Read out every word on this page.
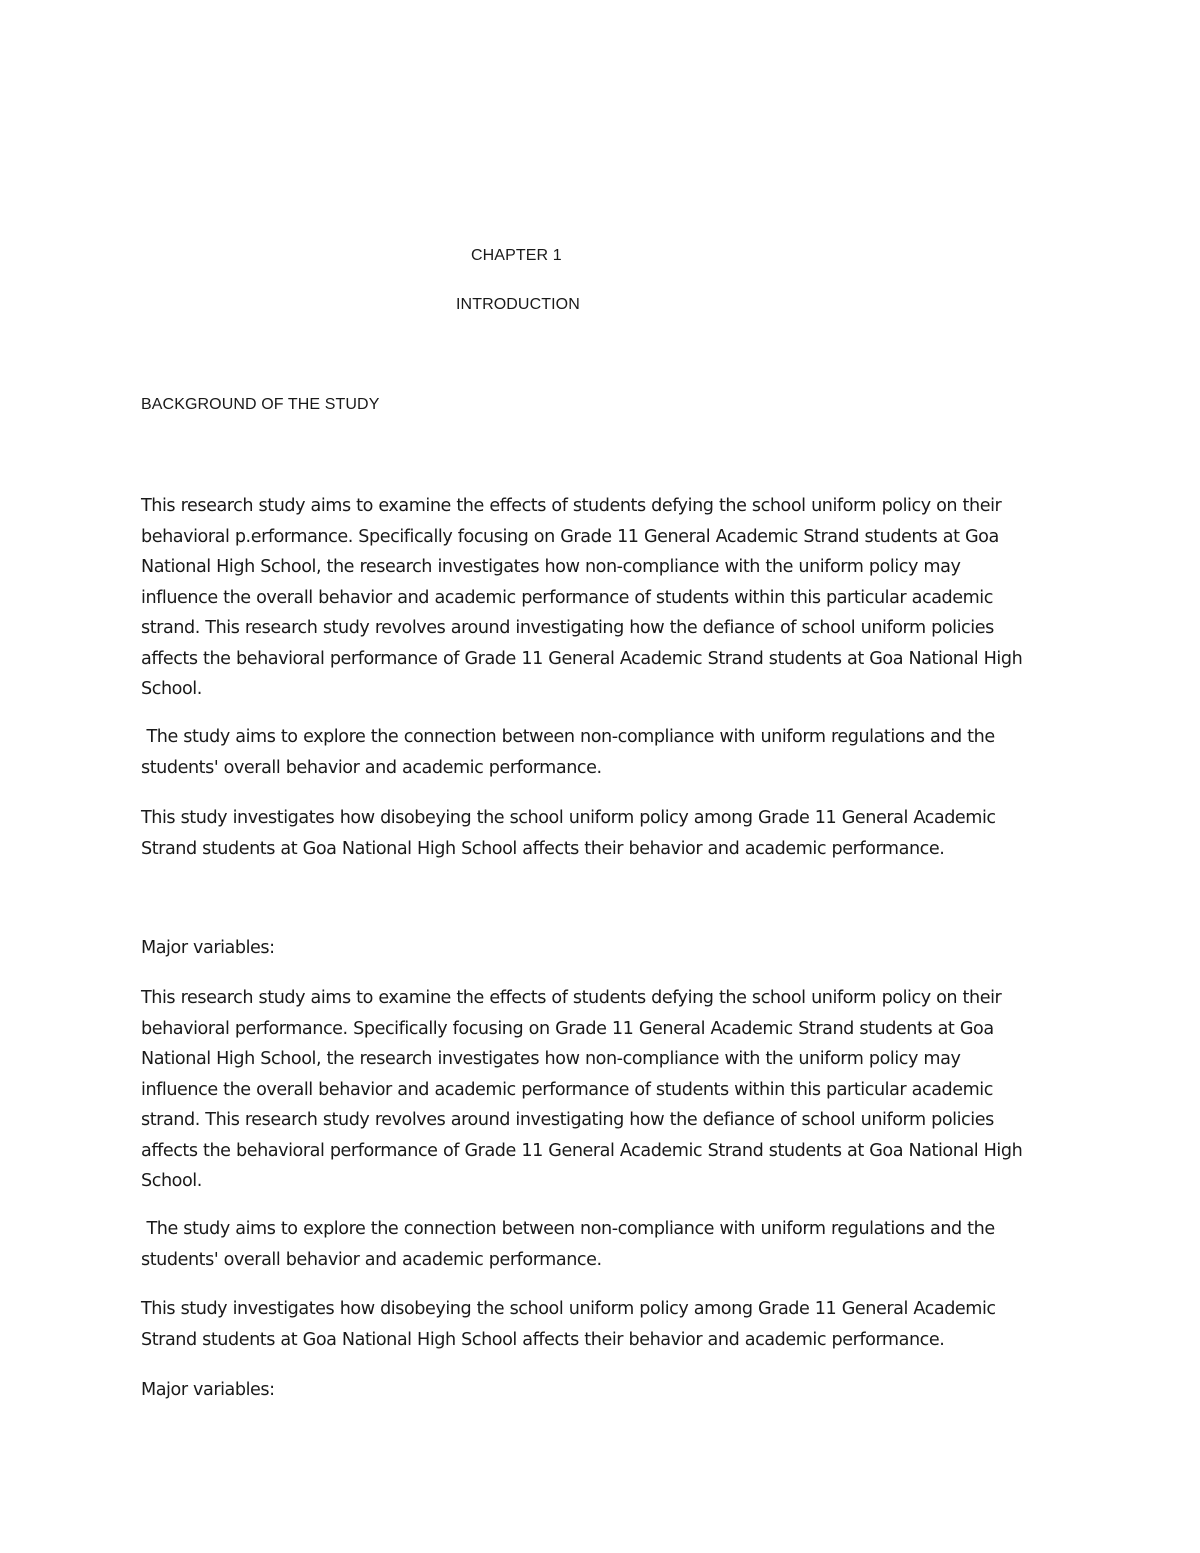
CHAPTER 1
INTRODUCTION
BACKGROUND OF THE STUDY

This research study aims to examine the effects of students defying the school uniform policy on their
behavioral p.erformance. Specifically focusing on Grade 11 General Academic Strand students at Goa
National High School, the research investigates how non-compliance with the uniform policy may
influence the overall behavior and academic performance of students within this particular academic
strand. This research study revolves around investigating how the defiance of school uniform policies
affects the behavioral performance of Grade 11 General Academic Strand students at Goa National High
School.

The study aims to explore the connection between non-compliance with uniform regulations and the
students' overall behavior and academic performance.

This study investigates how disobeying the school uniform policy among Grade 11 General Academic
Strand students at Goa National High School affects their behavior and academic performance.

Major variables:

This research study aims to examine the effects of students defying the school uniform policy on their
behavioral performance. Specifically focusing on Grade 11 General Academic Strand students at Goa
National High School, the research investigates how non-compliance with the uniform policy may
influence the overall behavior and academic performance of students within this particular academic
strand. This research study revolves around investigating how the defiance of school uniform policies
affects the behavioral performance of Grade 11 General Academic Strand students at Goa National High
School.

The study aims to explore the connection between non-compliance with uniform regulations and the
students' overall behavior and academic performance.

This study investigates how disobeying the school uniform policy among Grade 11 General Academic
Strand students at Goa National High School affects their behavior and academic performance.

Major variables:
